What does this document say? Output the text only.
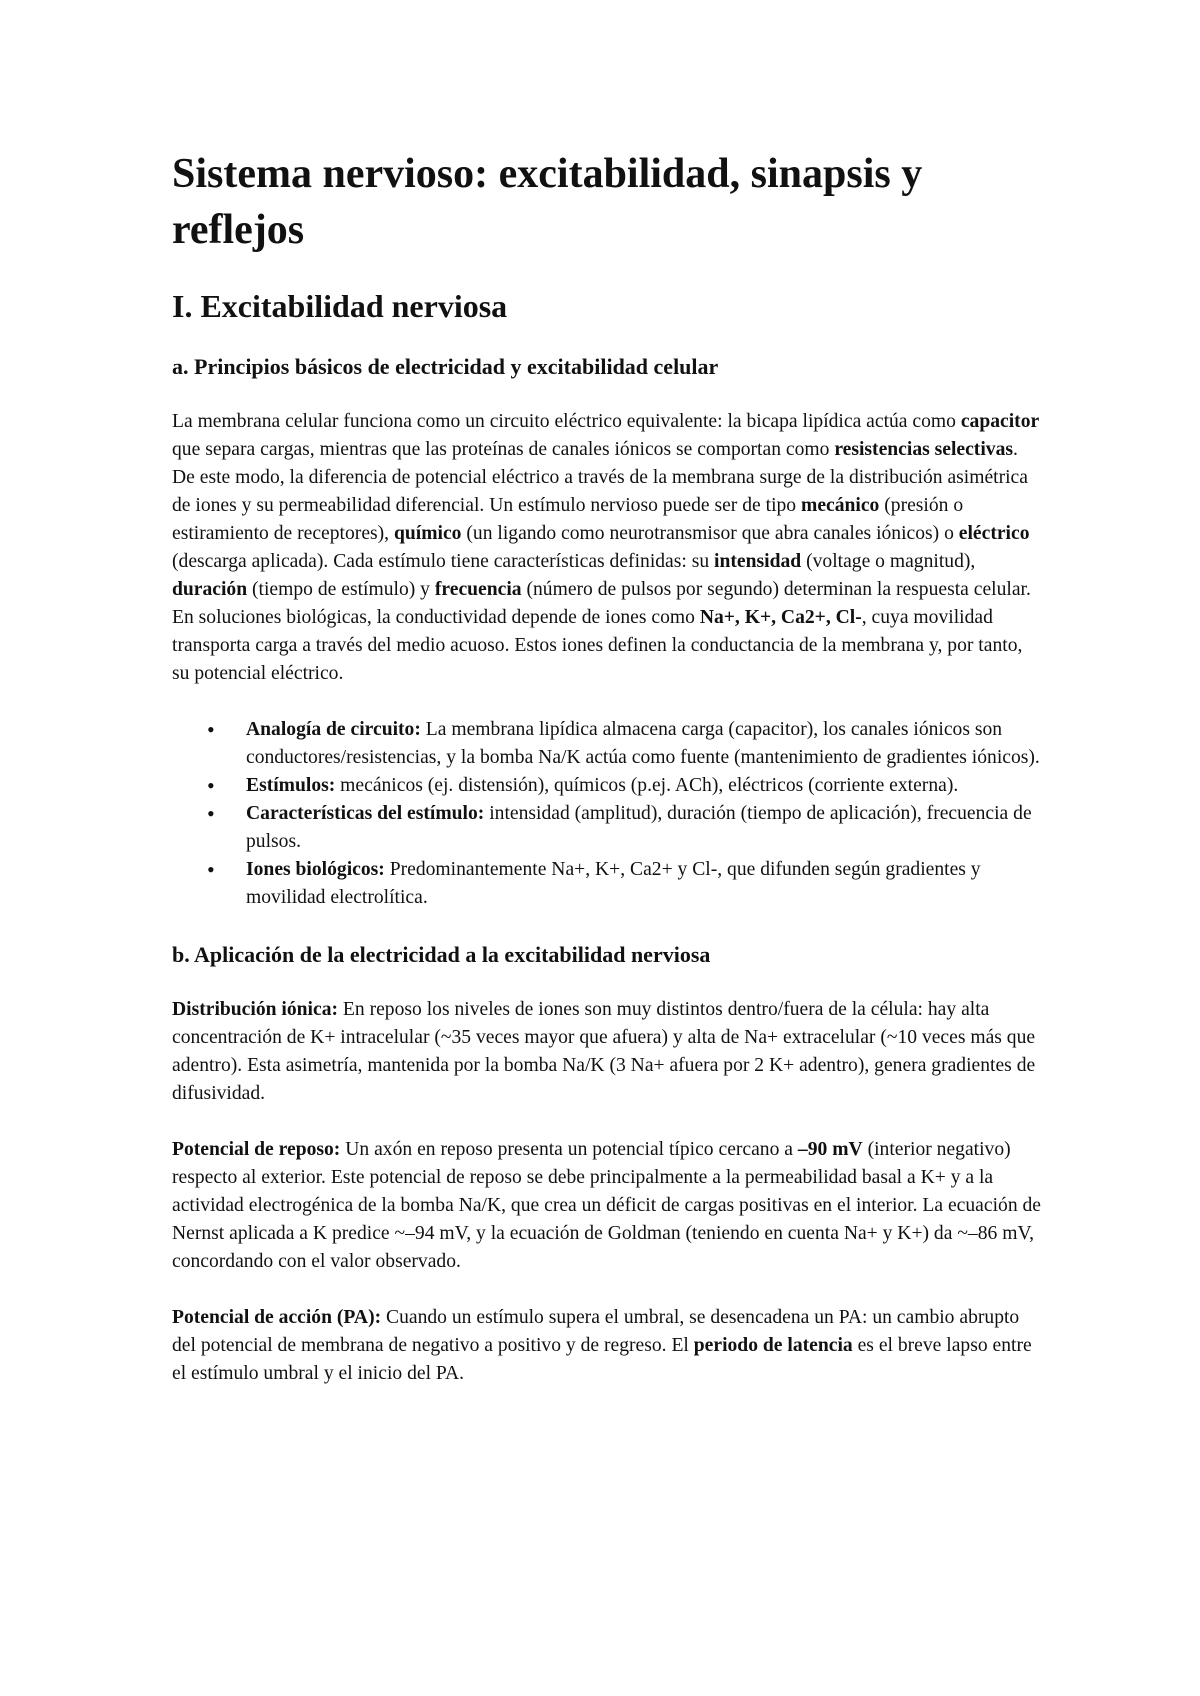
Sistema nervioso: excitabilidad, sinapsis y reflejos
I. Excitabilidad nerviosa
a. Principios básicos de electricidad y excitabilidad celular

La membrana celular funciona como un circuito eléctrico equivalente: la bicapa lipídica actúa como capacitor que separa cargas, mientras que las proteínas de canales iónicos se comportan como resistencias selectivas. De este modo, la diferencia de potencial eléctrico a través de la membrana surge de la distribución asimétrica de iones y su permeabilidad diferencial. Un estímulo nervioso puede ser de tipo mecánico (presión o estiramiento de receptores), químico (un ligando como neurotransmisor que abra canales iónicos) o eléctrico (descarga aplicada). Cada estímulo tiene características definidas: su intensidad (voltage o magnitud), duración (tiempo de estímulo) y frecuencia (número de pulsos por segundo) determinan la respuesta celular. En soluciones biológicas, la conductividad depende de iones como Na+, K+, Ca2+, Cl-, cuya movilidad transporta carga a través del medio acuoso. Estos iones definen la conductancia de la membrana y, por tanto, su potencial eléctrico.

• Analogía de circuito: La membrana lipídica almacena carga (capacitor), los canales iónicos son conductores/resistencias, y la bomba Na/K actúa como fuente (mantenimiento de gradientes iónicos).
• Estímulos: mecánicos (ej. distensión), químicos (p.ej. ACh), eléctricos (corriente externa).
• Características del estímulo: intensidad (amplitud), duración (tiempo de aplicación), frecuencia de pulsos.
• Iones biológicos: Predominantemente Na+, K+, Ca2+ y Cl-, que difunden según gradientes y movilidad electrolítica.
b. Aplicación de la electricidad a la excitabilidad nerviosa

Distribución iónica: En reposo los niveles de iones son muy distintos dentro/fuera de la célula: hay alta concentración de K+ intracelular (~35 veces mayor que afuera) y alta de Na+ extracelular (~10 veces más que adentro). Esta asimetría, mantenida por la bomba Na/K (3 Na+ afuera por 2 K+ adentro), genera gradientes de difusividad.

Potencial de reposo: Un axón en reposo presenta un potencial típico cercano a –90 mV (interior negativo) respecto al exterior. Este potencial de reposo se debe principalmente a la permeabilidad basal a K+ y a la actividad electrogénica de la bomba Na/K, que crea un déficit de cargas positivas en el interior. La ecuación de Nernst aplicada a K predice ~–94 mV, y la ecuación de Goldman (teniendo en cuenta Na+ y K+) da ~–86 mV, concordando con el valor observado.

Potencial de acción (PA): Cuando un estímulo supera el umbral, se desencadena un PA: un cambio abrupto del potencial de membrana de negativo a positivo y de regreso. El periodo de latencia es el breve lapso entre el estímulo umbral y el inicio del PA.
